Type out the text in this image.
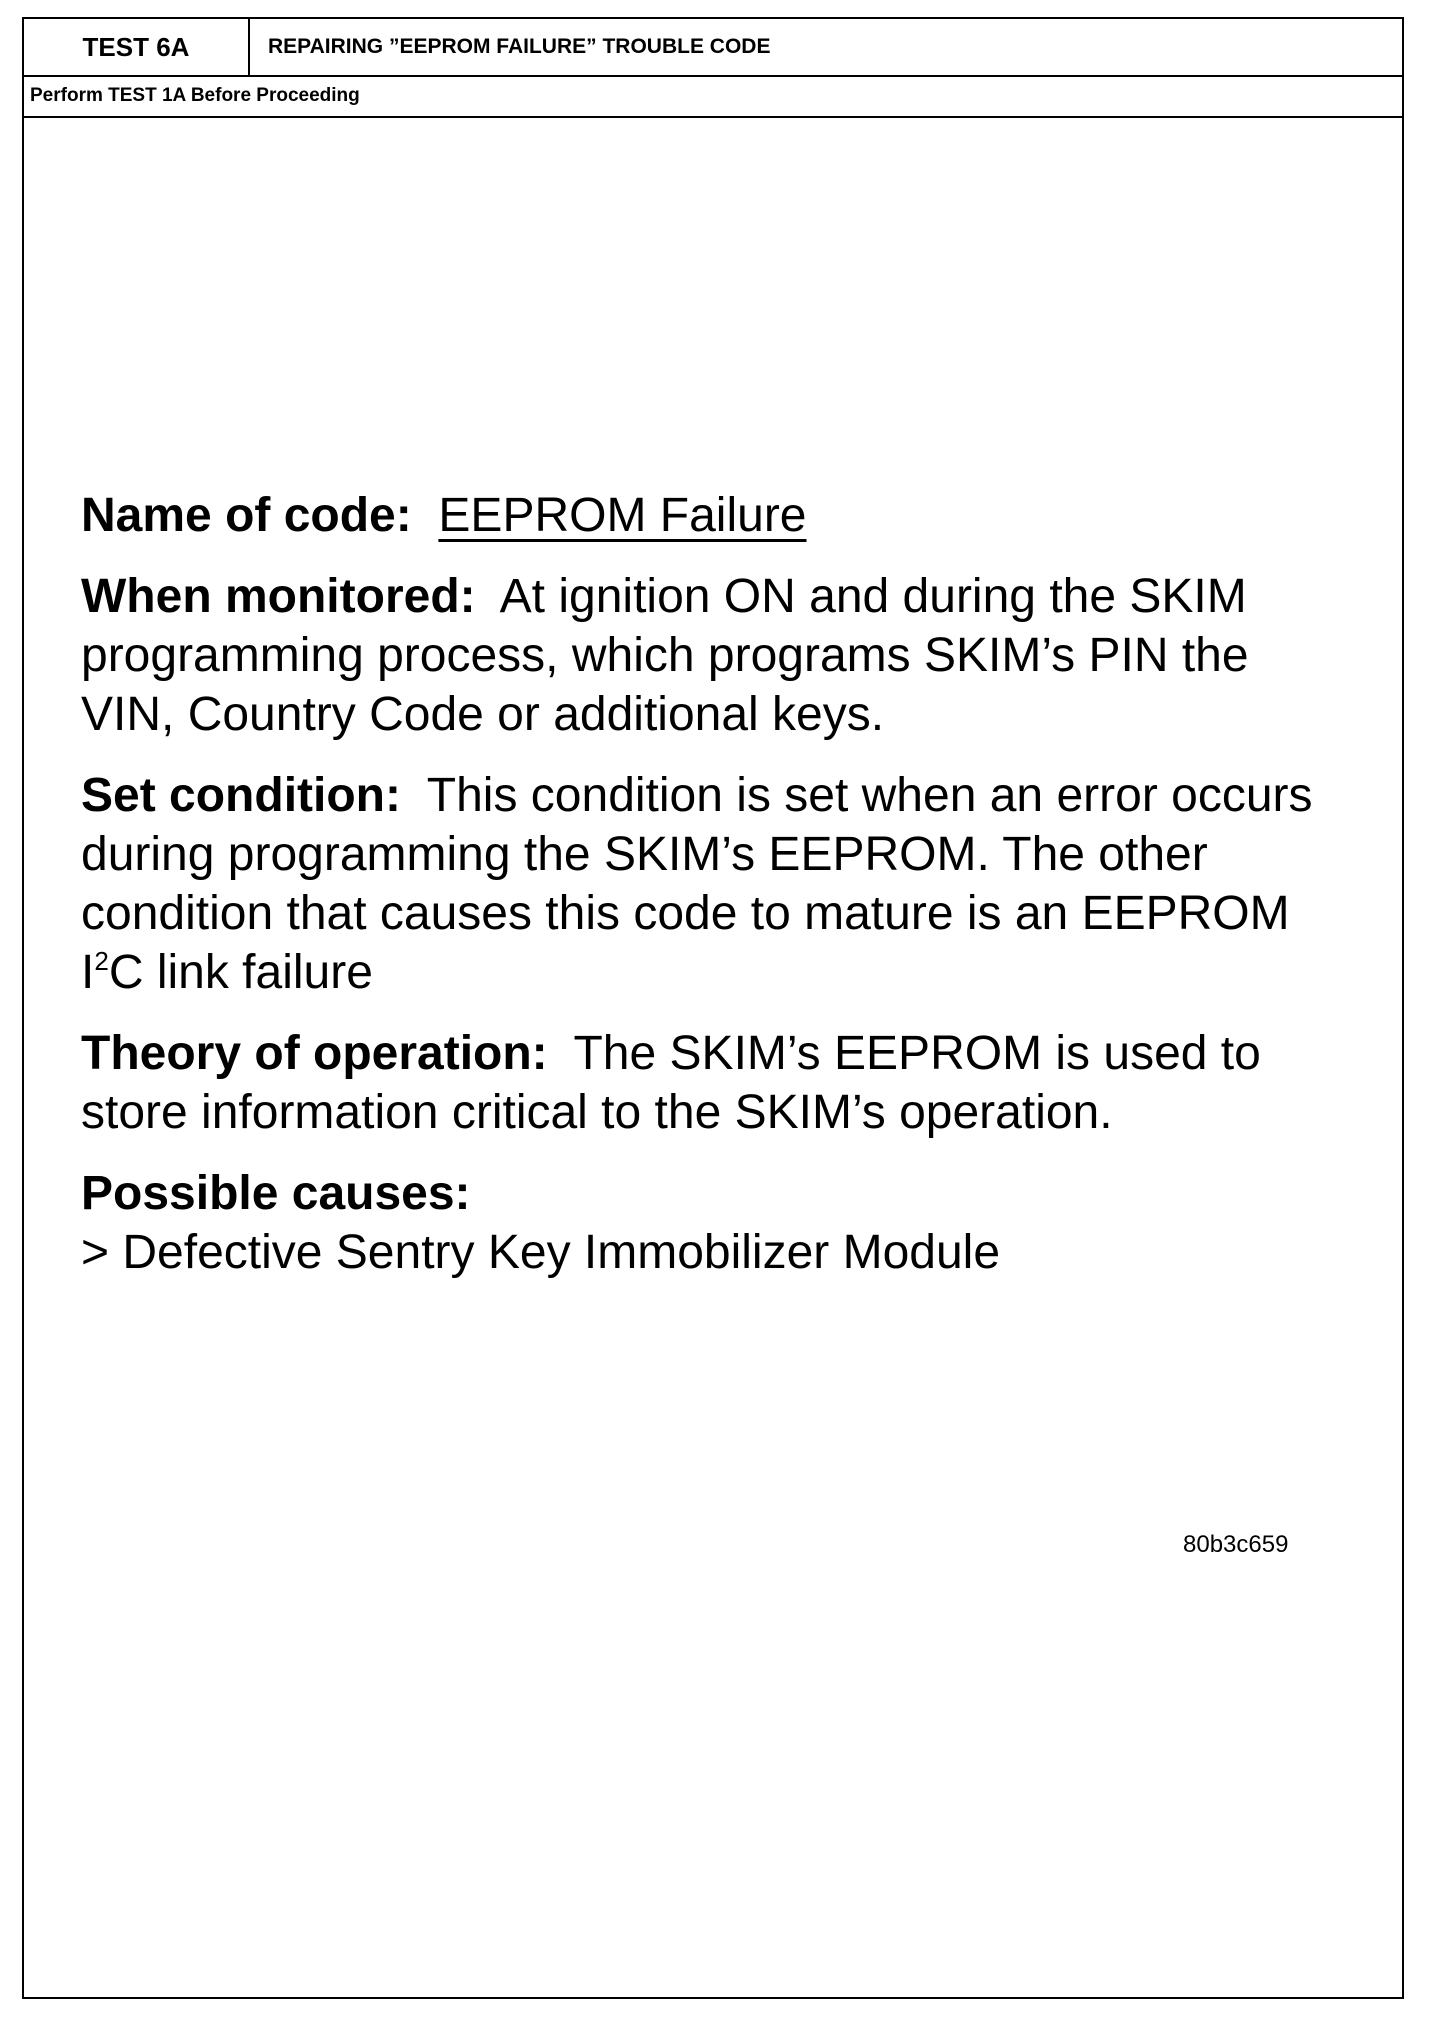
TEST 6A	REPAIRING ”EEPROM FAILURE” TROUBLE CODE
Perform TEST 1A Before Proceeding

Name of code: EEPROM Failure

When monitored: At ignition ON and during the SKIM programming process, which programs SKIM’s PIN the VIN, Country Code or additional keys.

Set condition: This condition is set when an error occurs during programming the SKIM’s EEPROM. The other condition that causes this code to mature is an EEPROM $I^2C$ link failure

Theory of operation: The SKIM’s EEPROM is used to store information critical to the SKIM’s operation.

Possible causes:
> Defective Sentry Key Immobilizer Module

80b3c659
